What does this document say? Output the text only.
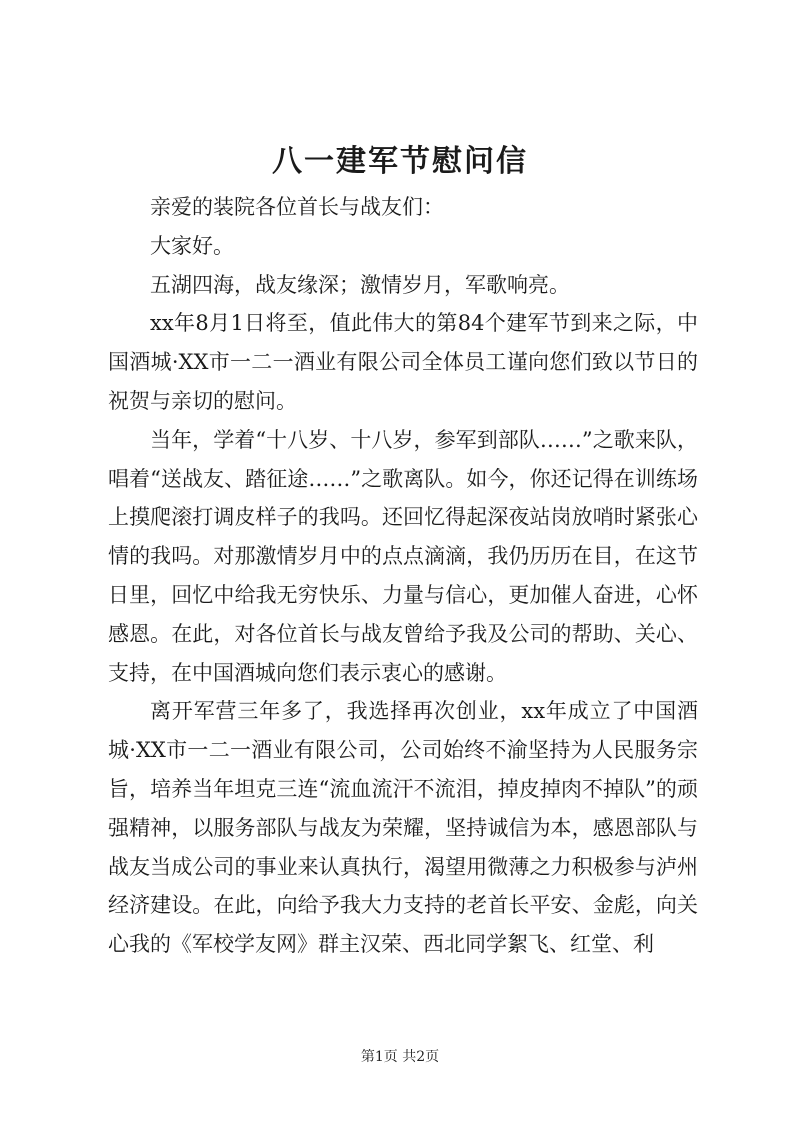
八一建军节慰问信

亲爱的装院各位首长与战友们：

大家好。

五湖四海，战友缘深；激情岁月，军歌响亮。

xx年8月1日将至，值此伟大的第84个建军节到来之际，中国酒城·XX市一二一酒业有限公司全体员工谨向您们致以节日的祝贺与亲切的慰问。

当年，学着“十八岁、十八岁，参军到部队……”之歌来队，唱着“送战友、踏征途……”之歌离队。如今，你还记得在训练场上摸爬滚打调皮样子的我吗。还回忆得起深夜站岗放哨时紧张心情的我吗。对那激情岁月中的点点滴滴，我仍历历在目，在这节日里，回忆中给我无穷快乐、力量与信心，更加催人奋进，心怀感恩。在此，对各位首长与战友曾给予我及公司的帮助、关心、支持，在中国酒城向您们表示衷心的感谢。

离开军营三年多了，我选择再次创业，xx年成立了中国酒城·XX市一二一酒业有限公司，公司始终不渝坚持为人民服务宗旨，培养当年坦克三连“流血流汗不流泪，掉皮掉肉不掉队”的顽强精神，以服务部队与战友为荣耀，坚持诚信为本，感恩部队与战友当成公司的事业来认真执行，渴望用微薄之力积极参与泸州经济建设。在此，向给予我大力支持的老首长平安、金彪，向关心我的《军校学友网》群主汉荣、西北同学絮飞、红堂、利

第1页 共2页
